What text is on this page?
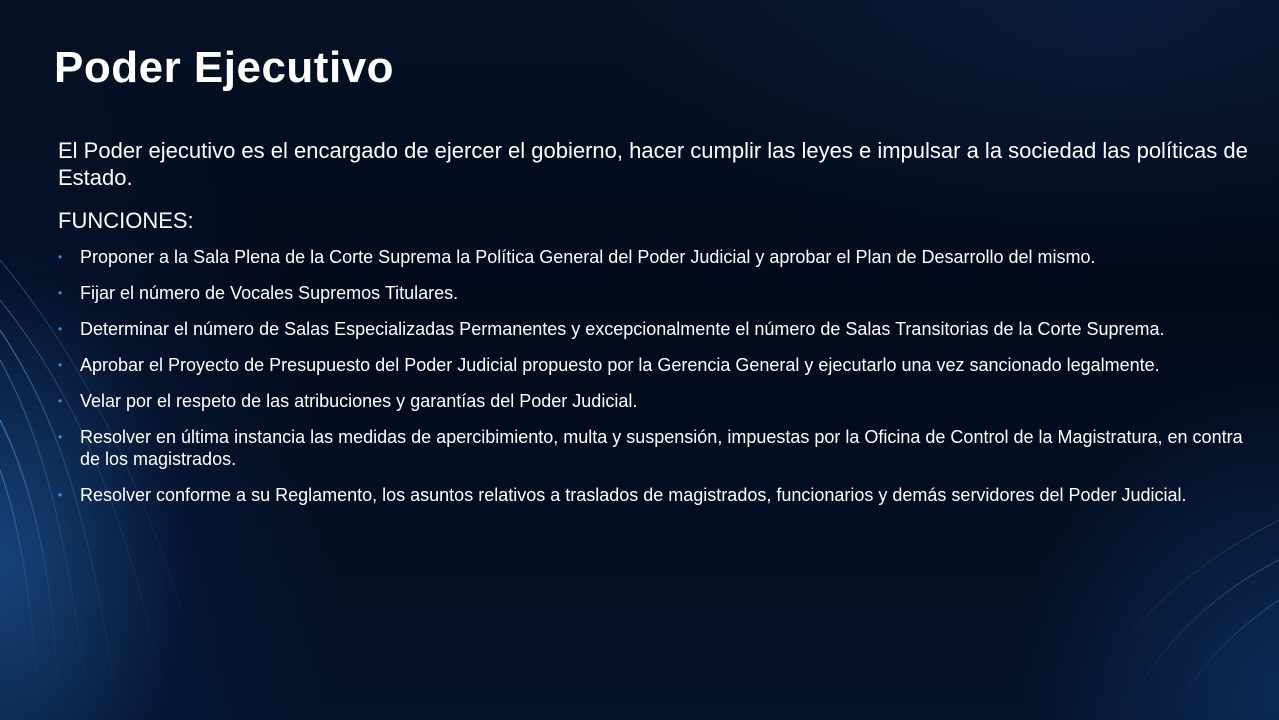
Poder Ejecutivo

El Poder ejecutivo es el encargado de ejercer el gobierno, hacer cumplir las leyes e impulsar a la sociedad las políticas de Estado.

FUNCIONES:

• Proponer a la Sala Plena de la Corte Suprema la Política General del Poder Judicial y aprobar el Plan de Desarrollo del mismo.
• Fijar el número de Vocales Supremos Titulares.
• Determinar el número de Salas Especializadas Permanentes y excepcionalmente el número de Salas Transitorias de la Corte Suprema.
• Aprobar el Proyecto de Presupuesto del Poder Judicial propuesto por la Gerencia General y ejecutarlo una vez sancionado legalmente.
• Velar por el respeto de las atribuciones y garantías del Poder Judicial.
• Resolver en última instancia las medidas de apercibimiento, multa y suspensión, impuestas por la Oficina de Control de la Magistratura, en contra de los magistrados.
• Resolver conforme a su Reglamento, los asuntos relativos a traslados de magistrados, funcionarios y demás servidores del Poder Judicial.
